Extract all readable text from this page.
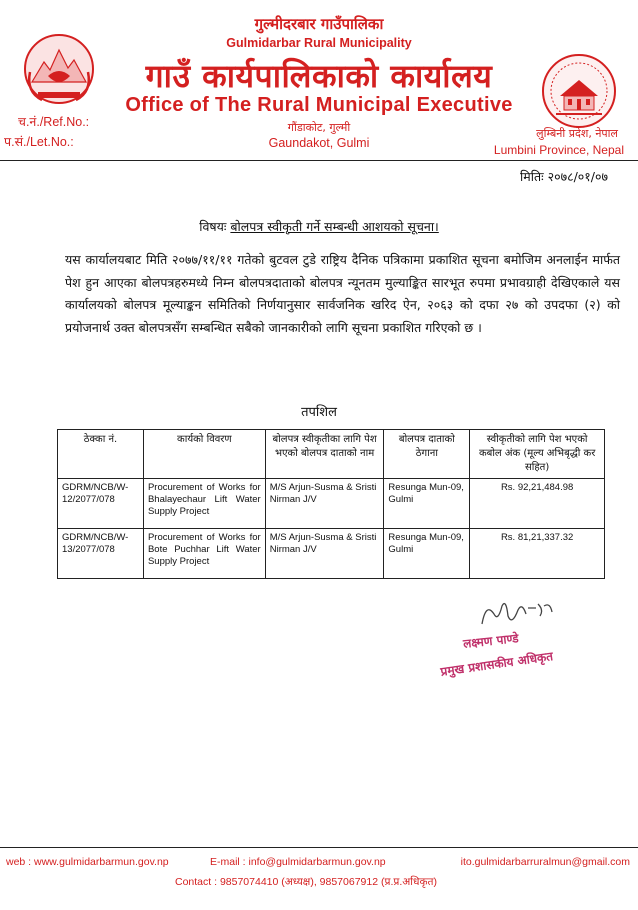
गुल्मीदरबार गाउँपालिका
Gulmidarbar Rural Municipality
गाउँ कार्यपालिकाको कार्यालय
Office of The Rural Municipal Executive
गौंडाकोट, गुल्मी
Gaundakot, Gulmi
च.नं./Ref.No.:
प.सं./Let.No.:
लुम्बिनी प्रदेश, नेपाल
Lumbini Province, Nepal
मितिः २०७८/०१/०७
विषयः बोलपत्र स्वीकृती गर्ने सम्बन्धी आशयको सूचना।
यस कार्यालयबाट मिति २०७७/११/११ गतेको बुटवल टुडे राष्ट्रिय दैनिक पत्रिकामा प्रकाशित सूचना बमोजिम अनलाईन मार्फत पेश हुन आएका बोलपत्रहरुमध्ये निम्न बोलपत्रदाताको बोलपत्र न्यूनतम मुल्याङ्कित सारभूत रुपमा प्रभावग्राही देखिएकाले यस कार्यालयको बोलपत्र मूल्याङ्कन समितिको निर्णयानुसार सार्वजनिक खरिद ऐन, २०६३ को दफा २७ को उपदफा (२) को प्रयोजनार्थ उक्त बोलपत्रसँग सम्बन्धित सबैको जानकारीको लागि सूचना प्रकाशित गरिएको छ ।
तपशिल
ठेक्का नं.	कार्यको विवरण	बोलपत्र स्वीकृतीका लागि पेश भएको बोलपत्र दाताको नाम	बोलपत्र दाताको ठेगाना	स्वीकृतीको लागि पेश भएको कबोल अंक (मूल्य अभिबृद्धी कर सहित)
GDRM/NCB/W-12/2077/078	Procurement of Works for Bhalayechaur Lift Water Supply Project	M/S Arjun-Susma & Sristi Nirman J/V	Resunga Mun-09, Gulmi	Rs. 92,21,484.98
GDRM/NCB/W-13/2077/078	Procurement of Works for Bote Puchhar Lift Water Supply Project	M/S Arjun-Susma & Sristi Nirman J/V	Resunga Mun-09, Gulmi	Rs. 81,21,337.32
लक्ष्मण पाण्डे
प्रमुख प्रशासकीय अधिकृत
web : www.gulmidarbarmun.gov.np	E-mail : info@gulmidarbarmun.gov.np	ito.gulmidarbarruralmun@gmail.com
Contact : 9857074410 (अध्यक्ष), 9857067912 (प्र.प्र.अधिकृत)
